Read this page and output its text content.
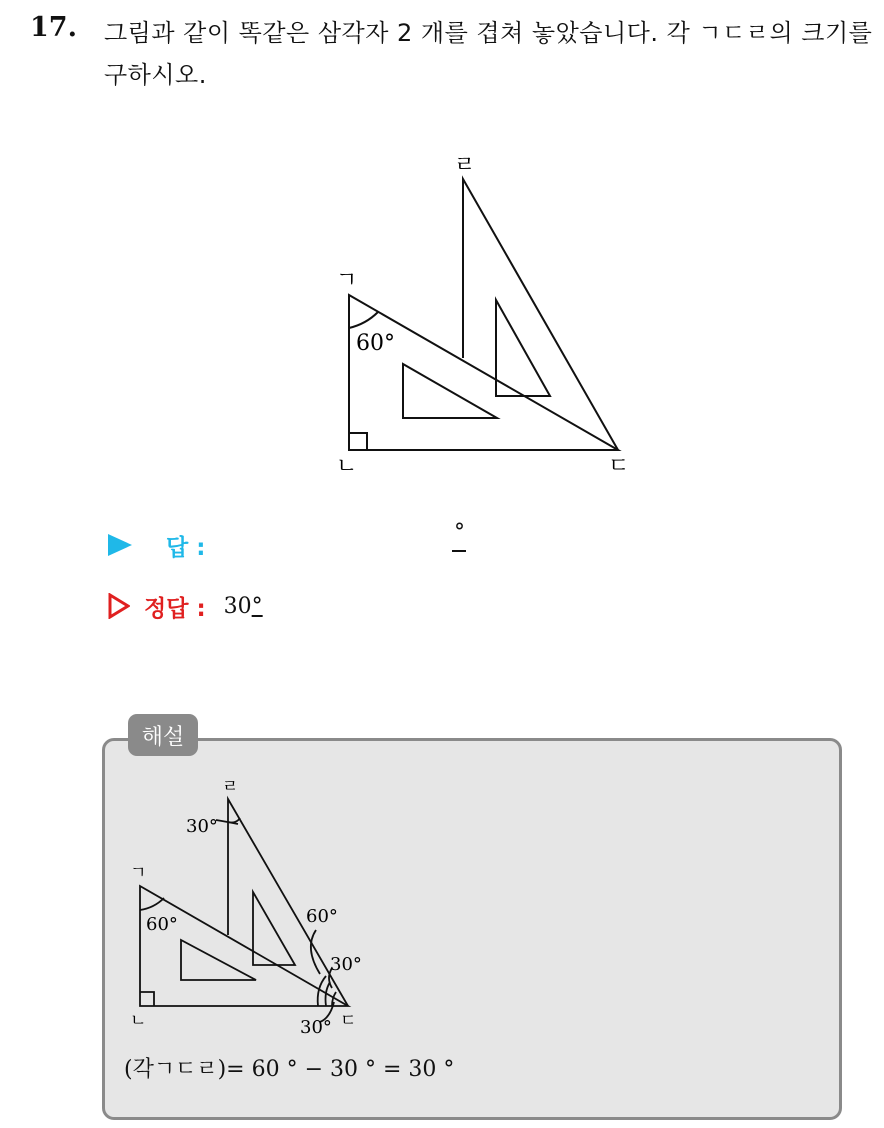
17. 그림과 같이 똑같은 삼각자 2 개를 겹쳐 놓았습니다. 각 ㄱㄷㄹ의 크기를 구하시오.
ㄱ
ㄴ	ㄷ
ㄹ
60°
답 :
°
정답 : 30°
해설
ㄱ
ㄴ	ㄷ
ㄹ
30°
60°	60°
30°
30°
(각ㄱㄷㄹ)= 60 ° − 30 ° = 30 °
